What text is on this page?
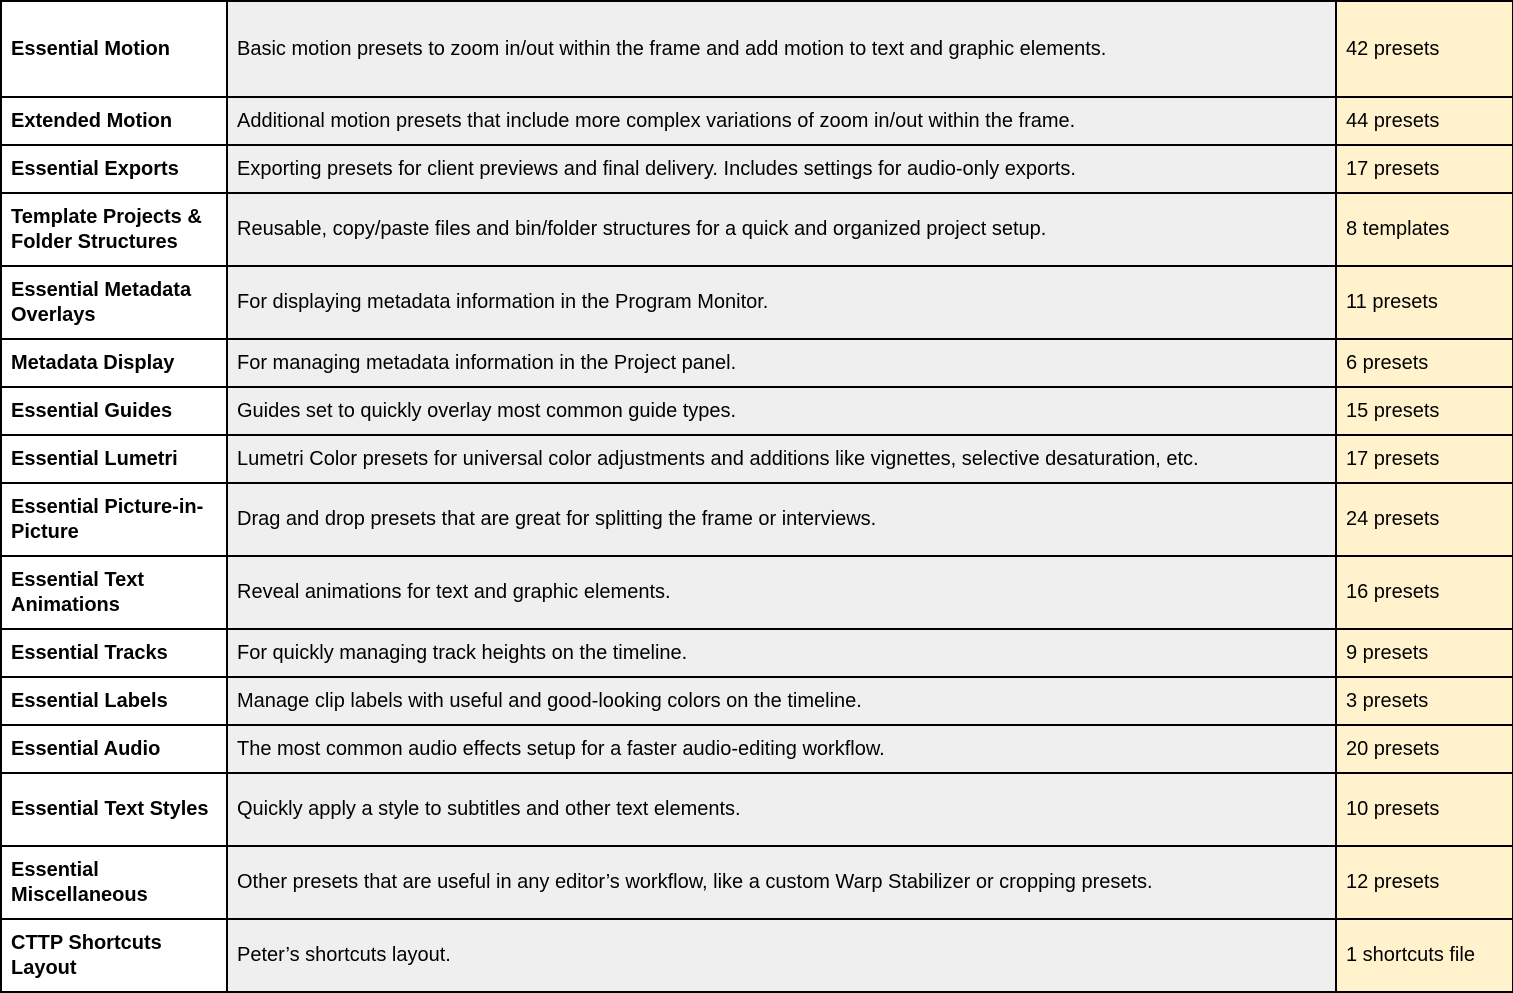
Essential Motion	Basic motion presets to zoom in/out within the frame and add motion to text and graphic elements.	42 presets
Extended Motion	Additional motion presets that include more complex variations of zoom in/out within the frame.	44 presets
Essential Exports	Exporting presets for client previews and final delivery. Includes settings for audio-only exports.	17 presets
Template Projects & Folder Structures	Reusable, copy/paste files and bin/folder structures for a quick and organized project setup.	8 templates
Essential Metadata Overlays	For displaying metadata information in the Program Monitor.	11 presets
Metadata Display	For managing metadata information in the Project panel.	6 presets
Essential Guides	Guides set to quickly overlay most common guide types.	15 presets
Essential Lumetri	Lumetri Color presets for universal color adjustments and additions like vignettes, selective desaturation, etc.	17 presets
Essential Picture-in-Picture	Drag and drop presets that are great for splitting the frame or interviews.	24 presets
Essential Text Animations	Reveal animations for text and graphic elements.	16 presets
Essential Tracks	For quickly managing track heights on the timeline.	9 presets
Essential Labels	Manage clip labels with useful and good-looking colors on the timeline.	3 presets
Essential Audio	The most common audio effects setup for a faster audio-editing workflow.	20 presets
Essential Text Styles	Quickly apply a style to subtitles and other text elements.	10 presets
Essential Miscellaneous	Other presets that are useful in any editor’s workflow, like a custom Warp Stabilizer or cropping presets.	12 presets
CTTP Shortcuts Layout	Peter’s shortcuts layout.	1 shortcuts file
